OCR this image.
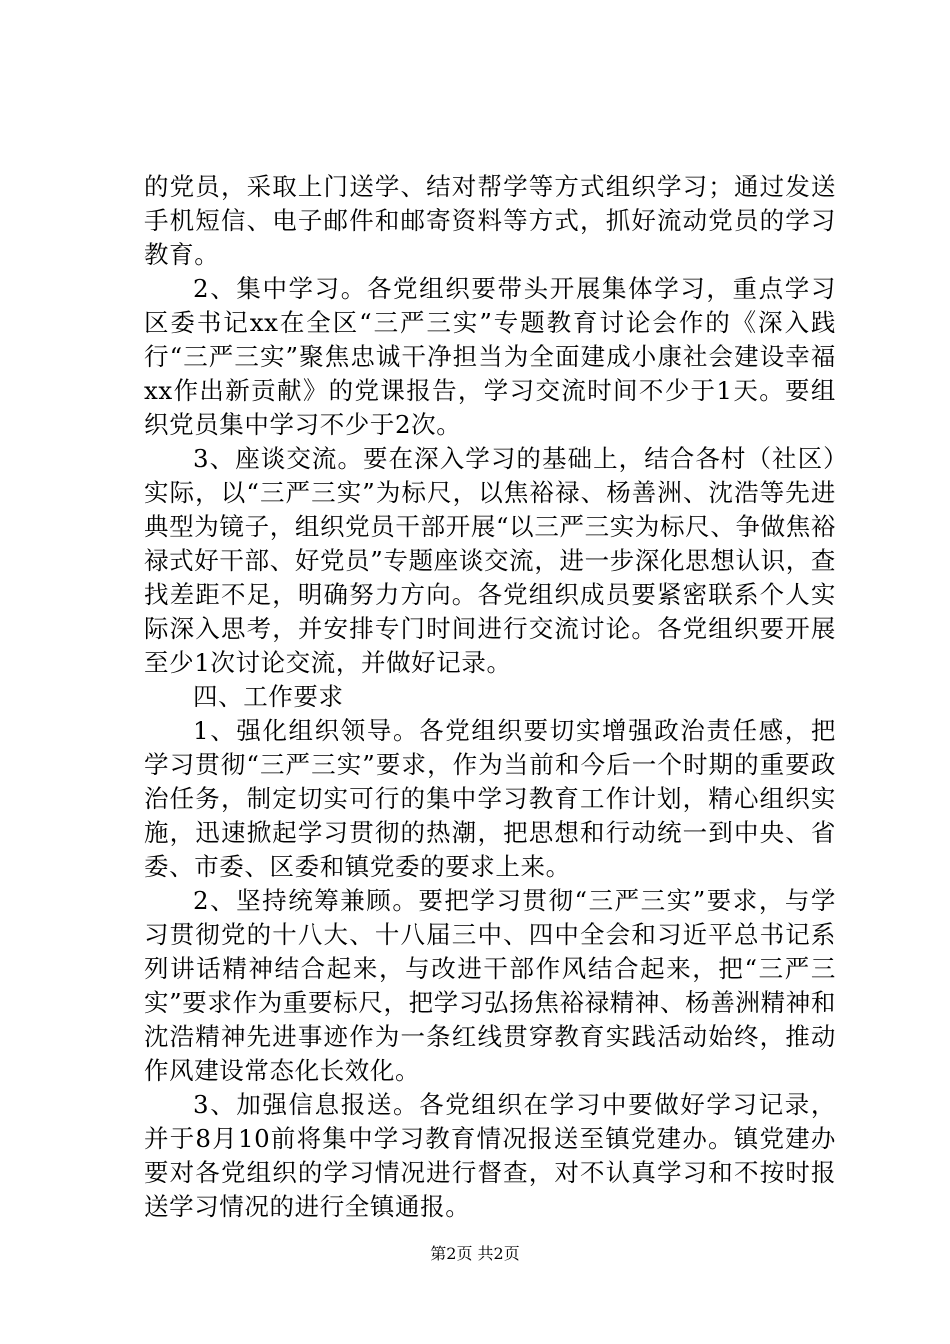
的党员，采取上门送学、结对帮学等方式组织学习；通过发送手机短信、电子邮件和邮寄资料等方式，抓好流动党员的学习教育。

2、集中学习。各党组织要带头开展集体学习，重点学习区委书记xx在全区“三严三实”专题教育讨论会作的《深入践行“三严三实”聚焦忠诚干净担当为全面建成小康社会建设幸福xx作出新贡献》的党课报告，学习交流时间不少于1天。要组织党员集中学习不少于2次。

3、座谈交流。要在深入学习的基础上，结合各村（社区）实际，以“三严三实”为标尺，以焦裕禄、杨善洲、沈浩等先进典型为镜子，组织党员干部开展“以三严三实为标尺、争做焦裕禄式好干部、好党员”专题座谈交流，进一步深化思想认识，查找差距不足，明确努力方向。各党组织成员要紧密联系个人实际深入思考，并安排专门时间进行交流讨论。各党组织要开展至少1次讨论交流，并做好记录。

四、工作要求

1、强化组织领导。各党组织要切实增强政治责任感，把学习贯彻“三严三实”要求，作为当前和今后一个时期的重要政治任务，制定切实可行的集中学习教育工作计划，精心组织实施，迅速掀起学习贯彻的热潮，把思想和行动统一到中央、省委、市委、区委和镇党委的要求上来。

2、坚持统筹兼顾。要把学习贯彻“三严三实”要求，与学习贯彻党的十八大、十八届三中、四中全会和习近平总书记系列讲话精神结合起来，与改进干部作风结合起来，把“三严三实”要求作为重要标尺，把学习弘扬焦裕禄精神、杨善洲精神和沈浩精神先进事迹作为一条红线贯穿教育实践活动始终，推动作风建设常态化长效化。

3、加强信息报送。各党组织在学习中要做好学习记录，并于8月10前将集中学习教育情况报送至镇党建办。镇党建办要对各党组织的学习情况进行督查，对不认真学习和不按时报送学习情况的进行全镇通报。

第2页 共2页
